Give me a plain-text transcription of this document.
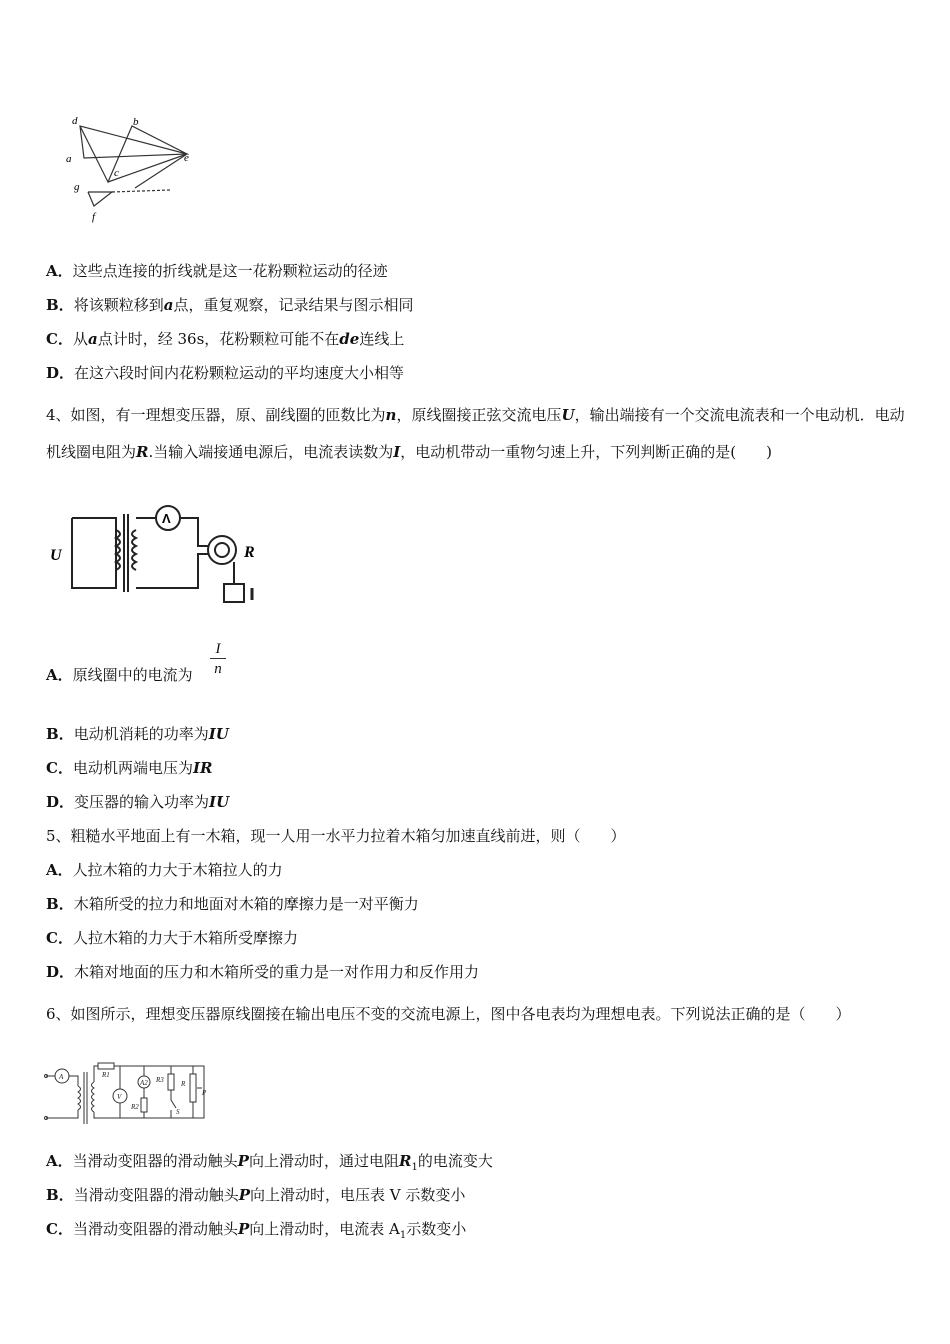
d	b
a	e
c
g
f
A．这些点连接的折线就是这一花粉颗粒运动的径迹
B．将该颗粒移到a点，重复观察，记录结果与图示相同
C．从a点计时，经 36s，花粉颗粒可能不在de连线上
D．在这六段时间内花粉颗粒运动的平均速度大小相等
4、如图，有一理想变压器，原、副线圈的匝数比为n，原线圈接正弦交流电压U，输出端接有一个交流电流表和一个电动机．电动机线圈电阻为R.当输入端接通电源后，电流表读数为I，电动机带动一重物匀速上升，下列判断正确的是(　　)
Λ
U	R
A．原线圈中的电流为	$\frac{I}{n}$
B．电动机消耗的功率为IU
C．电动机两端电压为IR
D．变压器的输入功率为IU
5、粗糙水平地面上有一木箱，现一人用一水平力拉着木箱匀加速直线前进，则（　　）
A．人拉木箱的力大于木箱拉人的力
B．木箱所受的拉力和地面对木箱的摩擦力是一对平衡力
C．人拉木箱的力大于木箱所受摩擦力
D．木箱对地面的压力和木箱所受的重力是一对作用力和反作用力
6、如图所示，理想变压器原线圈接在输出电压不变的交流电源上，图中各电表均为理想电表。下列说法正确的是（　　）
A	R1
V
A2
R2
R3 R
S
P
A．当滑动变阻器的滑动触头P向上滑动时，通过电阻$R_1$的电流变大
B．当滑动变阻器的滑动触头P向上滑动时，电压表 V 示数变小
C．当滑动变阻器的滑动触头P向上滑动时，电流表 $A_1$示数变小
